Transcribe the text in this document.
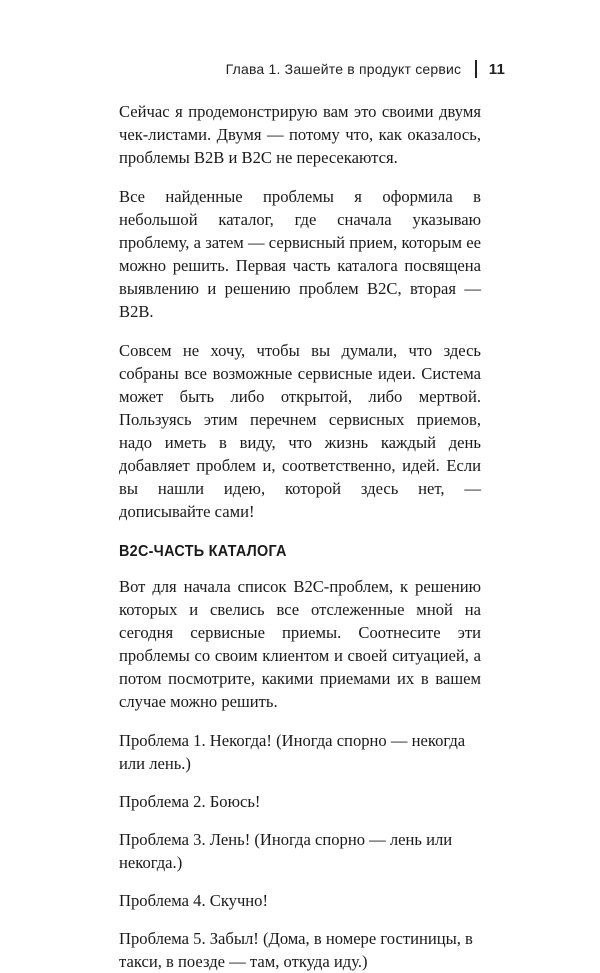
Глава 1. Зашейте в продукт сервис 11

Сейчас я продемонстрирую вам это своими двумя чек-листами. Двумя — потому что, как оказалось, проблемы B2B и B2C не пересекаются.

Все найденные проблемы я оформила в небольшой каталог, где сначала указываю проблему, а затем — сервисный прием, которым ее можно решить. Первая часть каталога посвящена выявлению и решению проблем B2C, вторая — B2B.

Совсем не хочу, чтобы вы думали, что здесь собраны все возможные сервисные идеи. Система может быть либо открытой, либо мертвой. Пользуясь этим перечнем сервисных приемов, надо иметь в виду, что жизнь каждый день добавляет проблем и, соответственно, идей. Если вы нашли идею, которой здесь нет, — дописывайте сами!

B2C-ЧАСТЬ КАТАЛОГА

Вот для начала список B2C-проблем, к решению которых и свелись все отслеженные мной на сегодня сервисные приемы. Соотнесите эти проблемы со своим клиентом и своей ситуацией, а потом посмотрите, какими приемами их в вашем случае можно решить.

Проблема 1. Некогда! (Иногда спорно — некогда или лень.)

Проблема 2. Боюсь!

Проблема 3. Лень! (Иногда спорно — лень или некогда.)

Проблема 4. Скучно!

Проблема 5. Забыл! (Дома, в номере гостиницы, в такси, в поезде — там, откуда иду.)
